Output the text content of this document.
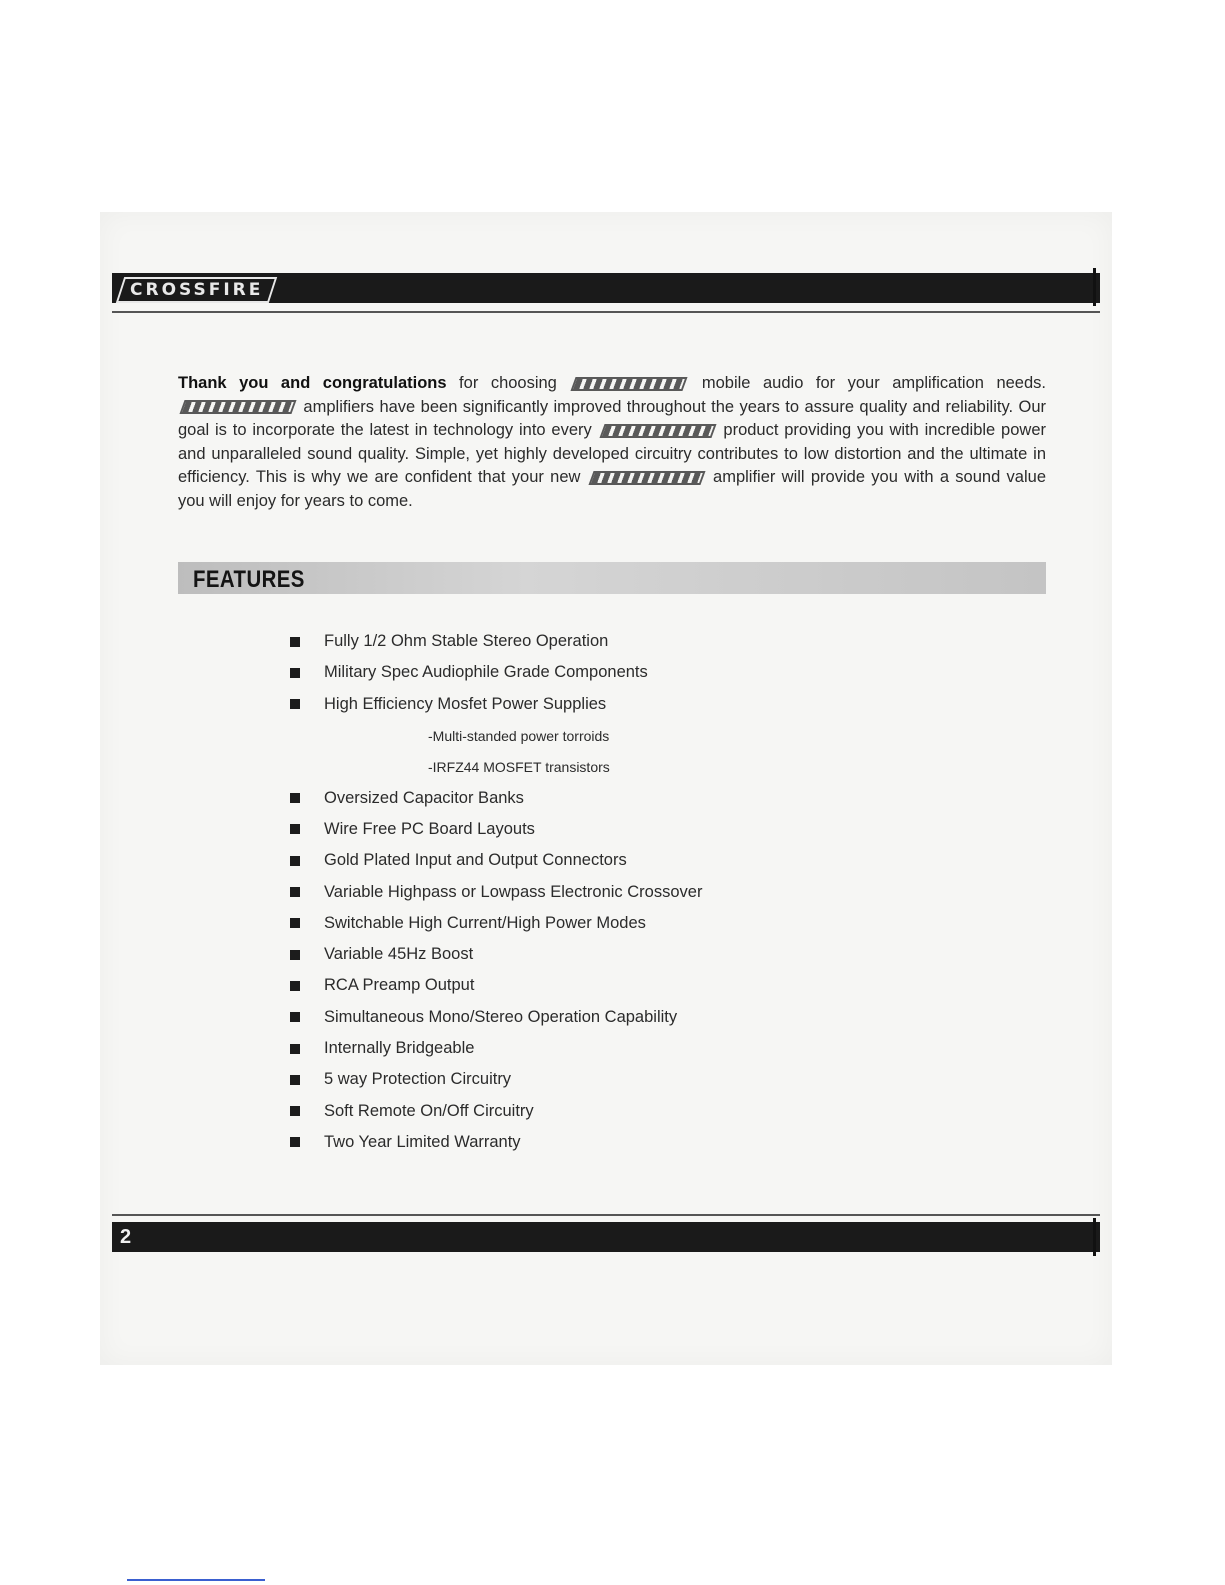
CROSSFIRE
Thank you and congratulations for choosing	mobile audio for your amplification needs.  amplifiers have been significantly improved throughout the years to assure quality and reliability. Our goal is to incorporate the latest in technology into every	product providing you with incredible power and unparalleled sound quality. Simple, yet highly developed circuitry contributes to low distortion and the ultimate in efficiency. This is why we are confident that your new	amplifier will provide you with a sound value you will enjoy for years to come.
FEATURES
Fully 1/2 Ohm Stable Stereo Operation
Military Spec Audiophile Grade Components
High Efficiency Mosfet Power Supplies
-Multi-standed power torroids
-IRFZ44 MOSFET transistors
Oversized Capacitor Banks
Wire Free PC Board Layouts
Gold Plated Input and Output Connectors
Variable Highpass or Lowpass Electronic Crossover
Switchable High Current/High Power Modes
Variable 45Hz Boost
RCA Preamp Output
Simultaneous Mono/Stereo Operation Capability
Internally Bridgeable
5 way Protection Circuitry
Soft Remote On/Off Circuitry
Two Year Limited Warranty
2
